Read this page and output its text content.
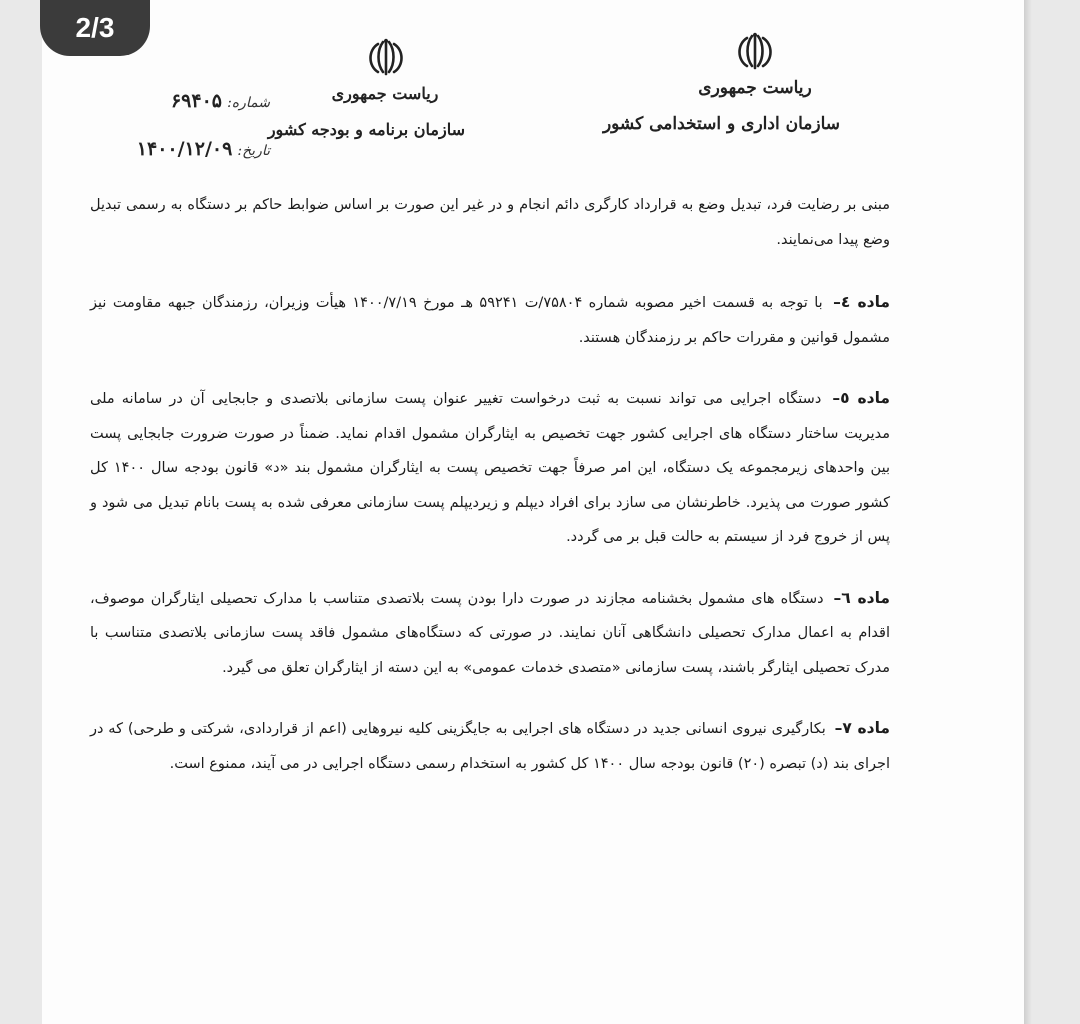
2/3
ریاست جمهوری
سازمان اداری و استخدامی کشور
ریاست جمهوری
سازمان برنامه و بودجه کشور
شماره: ۶۹۴۰۵
تاریخ: ۱۴۰۰/۱۲/۰۹

مبنی بر رضایت فرد، تبدیل وضع به قرارداد کارگری دائم انجام و در غیر این صورت بر اساس ضوابط حاکم بر دستگاه به رسمی تبدیل وضع پیدا می‌نمایند.

ماده ٤– با توجه به قسمت اخیر مصوبه شماره ۷۵۸۰۴/ت ۵۹۲۴۱ هـ مورخ ۱۴۰۰/۷/۱۹ هیأت وزیران، رزمندگان جبهه مقاومت نیز مشمول قوانین و مقررات حاکم بر رزمندگان هستند.

ماده ٥– دستگاه اجرایی می تواند نسبت به ثبت درخواست تغییر عنوان پست سازمانی بلاتصدی و جابجایی آن در سامانه ملی مدیریت ساختار دستگاه های اجرایی کشور جهت تخصیص به ایثارگران مشمول اقدام نماید. ضمناً در صورت ضرورت جابجایی پست بین واحدهای زیرمجموعه یک دستگاه، این امر صرفاً جهت تخصیص پست به ایثارگران مشمول بند «د» قانون بودجه سال ۱۴۰۰ کل کشور صورت می پذیرد. خاطرنشان می سازد برای افراد دیپلم و زیردیپلم پست سازمانی معرفی شده به پست بانام تبدیل می شود و پس از خروج فرد از سیستم به حالت قبل بر می گردد.

ماده ٦– دستگاه های مشمول بخشنامه مجازند در صورت دارا بودن پست بلاتصدی متناسب با مدارک تحصیلی ایثارگران موصوف، اقدام به اعمال مدارک تحصیلی دانشگاهی آنان نمایند. در صورتی که دستگاه‌های مشمول فاقد پست سازمانی بلاتصدی متناسب با مدرک تحصیلی ایثارگر باشند، پست سازمانی «متصدی خدمات عمومی» به این دسته از ایثارگران تعلق می گیرد.

ماده ٧– بکارگیری نیروی انسانی جدید در دستگاه های اجرایی به جایگزینی کلیه نیروهایی (اعم از قراردادی، شرکتی و طرحی) که در اجرای بند (د) تبصره (۲۰) قانون بودجه سال ۱۴۰۰ کل کشور به استخدام رسمی دستگاه اجرایی در می آیند، ممنوع است.
